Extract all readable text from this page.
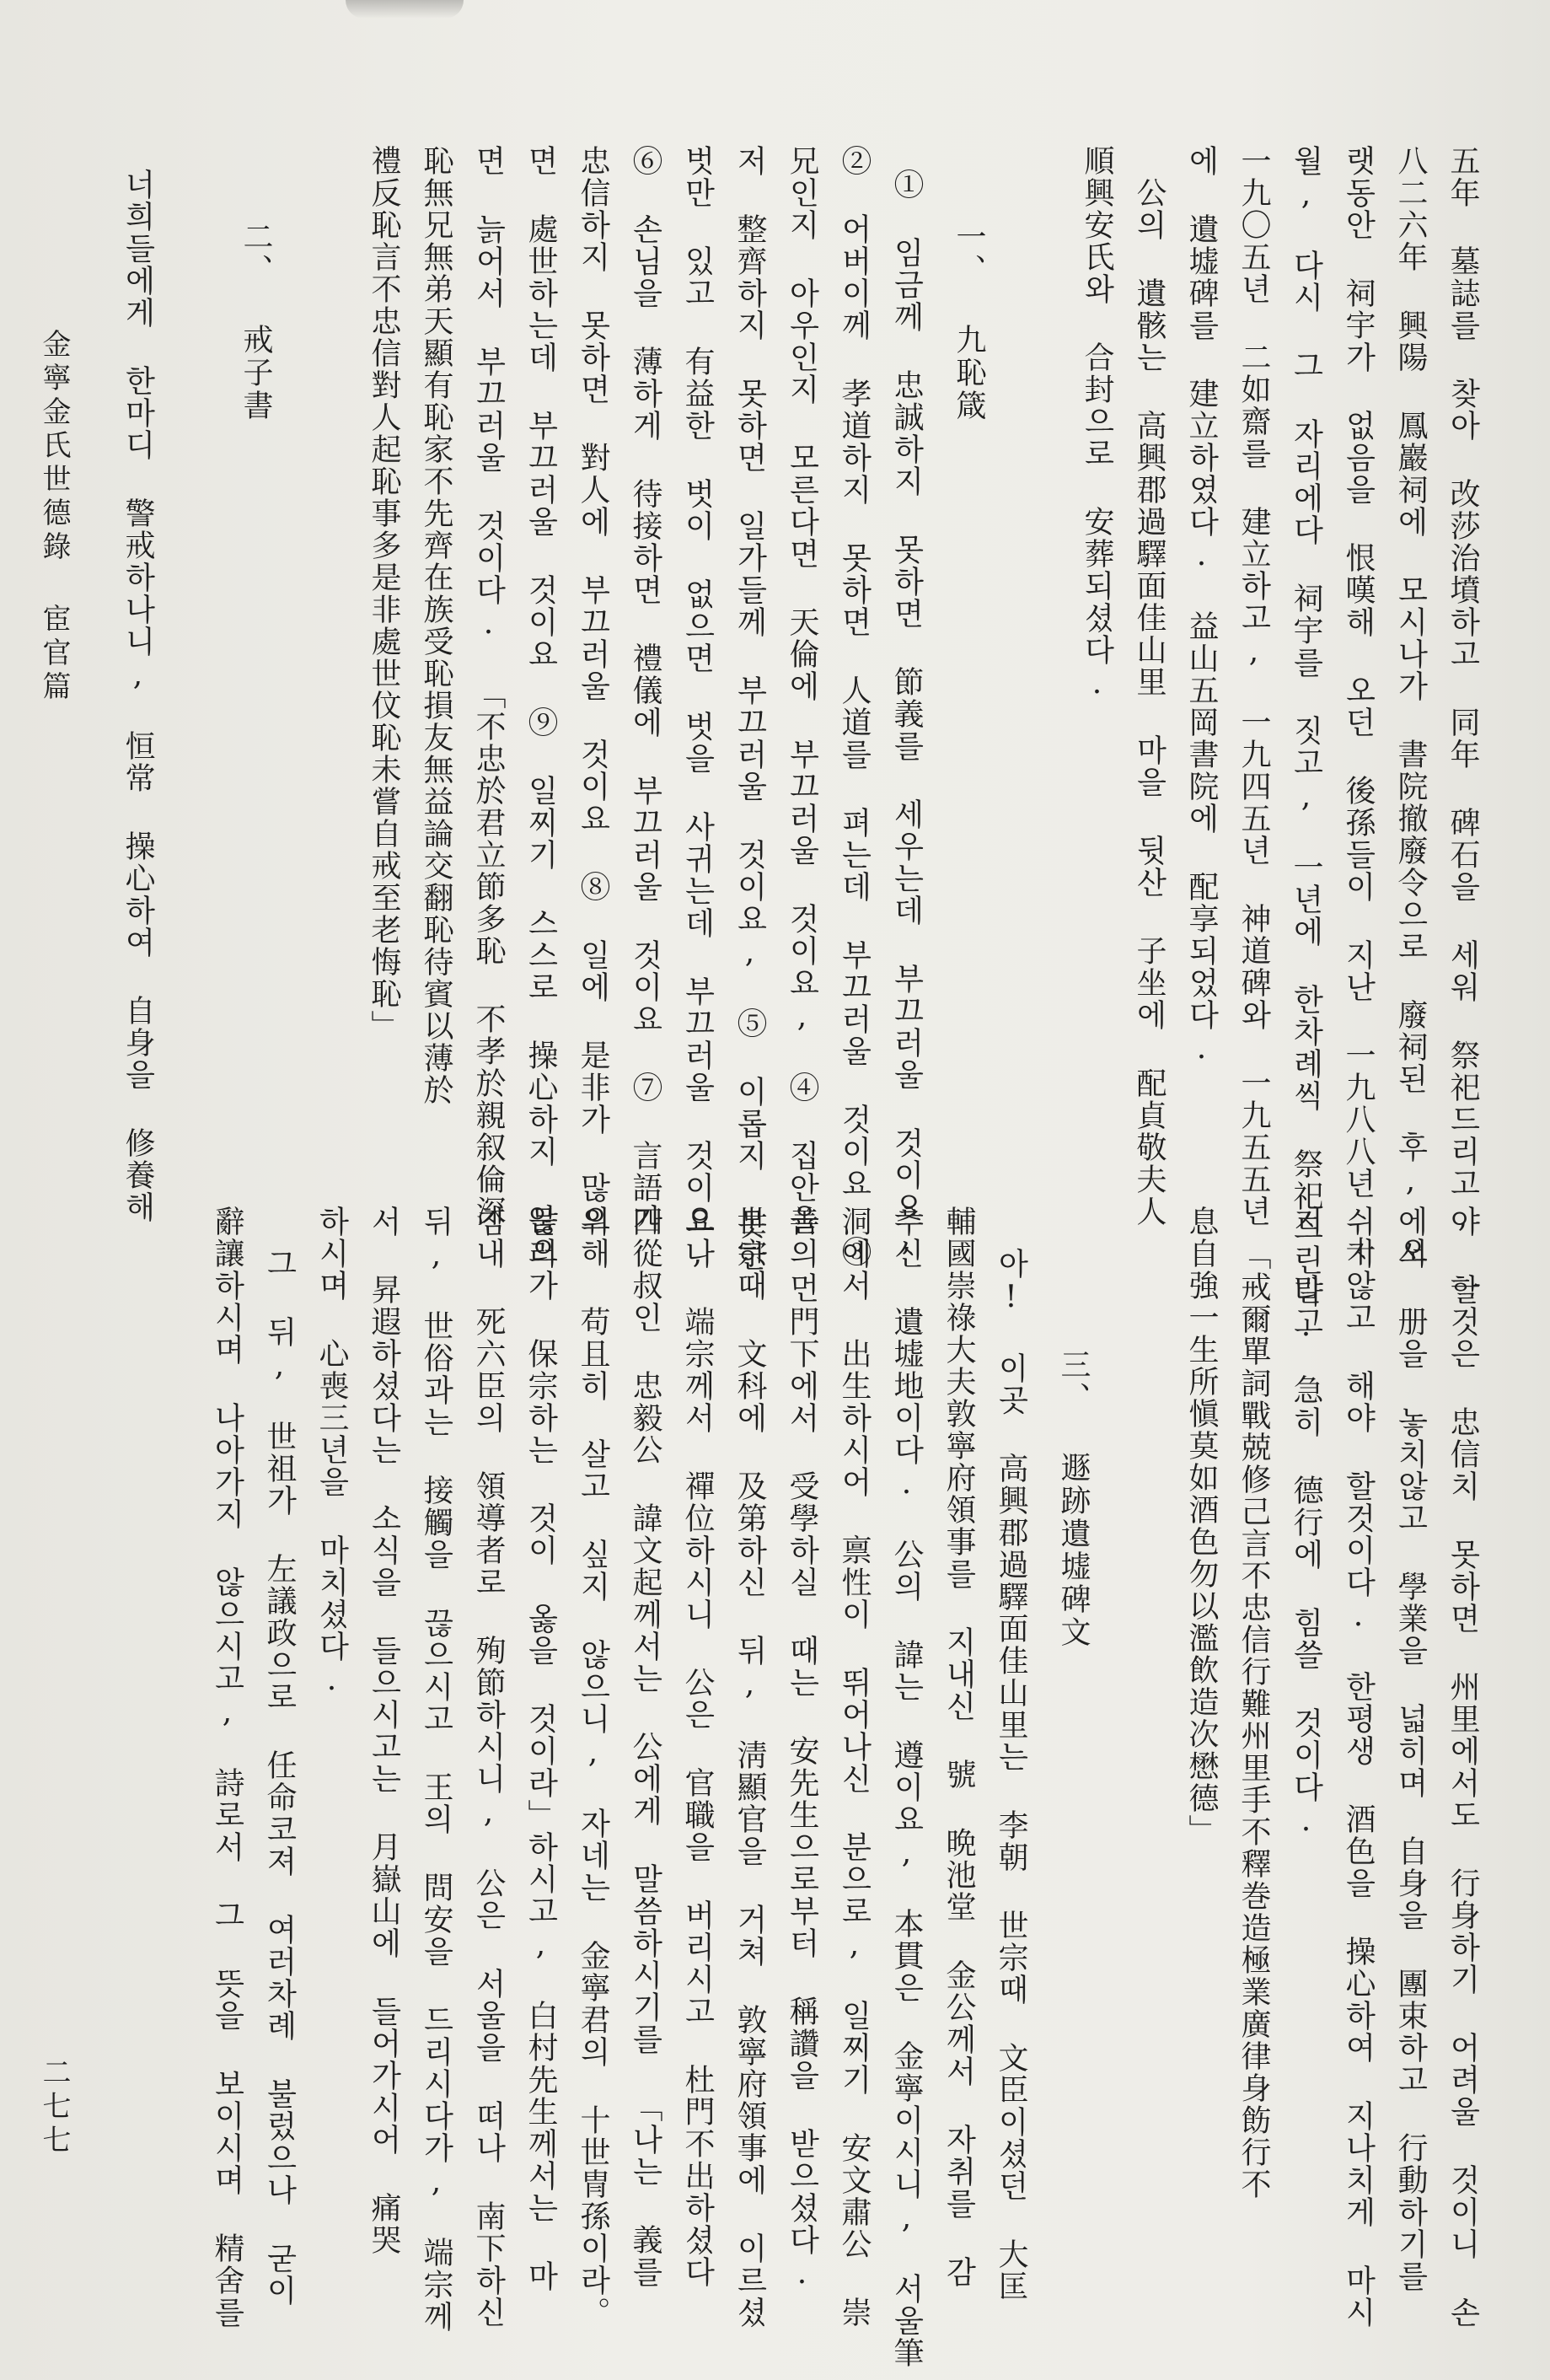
五年 墓誌를 찾아 改莎治墳하고 同年 碑石을 세워 祭祀드리고, 一
八二六年 興陽 鳳巖祠에 모시나가 書院撤廢令으로 廢祠된 후, 오
랫동안 祠宇가 없음을 恨嘆해 오던 後孫들이 지난 一九八八년 十
월, 다시 그 자리에다 祠宇를 짓고, 一년에 한차례씩 祭祀드린다.
一九〇五년 二如齋를 建立하고, 一九四五년 神道碑와 一九五五년
에 遺墟碑를 建立하였다. 益山五岡書院에 配享되었다.
公의 遺骸는 高興郡過驛面佳山里 마을 뒷산 子坐에 配貞敬夫人
順興安氏와 合封으로 安葬되셨다.
一、 九恥箴
① 임금께 忠誠하지 못하면 節義를 세우는데 부끄러울 것이요,
② 어버이께 孝道하지 못하면 人道를 펴는데 부끄러울 것이요 ③
兄인지 아우인지 모른다면 天倫에 부끄러울 것이요, ④ 집안을 먼
저 整齊하지 못하면 일가들께 부끄러울 것이요, ⑤ 이롭지 못한
벗만 있고 有益한 벗이 없으면 벗을 사귀는데 부끄러울 것이요,
⑥ 손님을 薄하게 待接하면 禮儀에 부끄러울 것이요 ⑦ 言語가
忠信하지 못하면 對人에 부끄러울 것이요 ⑧ 일에 是非가 많으
면 處世하는데 부끄러울 것이요 ⑨ 일찌기 스스로 操心하지 않으
면 늙어서 부끄러울 것이다. 「不忠於君立節多恥 不孝於親叙倫深
恥無兄無弟天顯有恥家不先齊在族受恥損友無益論交翻恥待賓以薄於
禮反恥言不忠信對人起恥事多是非處世伩恥未嘗自戒至老悔恥」
二、 戒子書
너희들에게 한마디 警戒하나니, 恒常 操心하여 自身을 修養해
야 할것은 忠信치 못하면 州里에서도 行身하기 어려울 것이니 손
에서 册을 놓치않고 學業을 넓히며 自身을 團束하고 行動하기를
쉬지않고 해야 할것이다. 한평생 酒色을 操心하여 지나치게 마시
지 말고 急히 德行에 힘쓸 것이다.
「戒爾單詞戰兢修己言不忠信行難州里手不釋巻造極業廣律身飭行不
息自強一生所愼莫如酒色勿以濫飲造次懋德」
三、 遯跡遺墟碑文
아! 이곳 高興郡過驛面佳山里는 李朝 世宗때 文臣이셨던 大匡
輔國崇祿大夫敦寧府領事를 지내신 號 晩池堂 金公께서 자취를 감
추신 遺墟地이다. 公의 諱는 遵이요, 本貫은 金寧이시니, 서울筆
洞에서 出生하시어 禀性이 뛰어나신 분으로, 일찌기 安文肅公 崇
善의 門下에서 受學하실 때는 安先生으로부터 稱讚을 받으셨다.
世宗때 文科에 及第하신 뒤, 淸顯官을 거쳐 敦寧府領事에 이르셨
으나 端宗께서 禪位하시니 公은 官職을 버리시고 杜門不出하셨다
四從叔인 忠毅公 諱文起께서는 公에게 말씀하시기를 「나는 義를
위해 苟且히 살고 싶지 않으니, 자네는 金寧君의 十世冑孫이라。
물러가 保宗하는 것이 옳을 것이라」하시고, 白村先生께서는 마
침내 死六臣의 領導者로 殉節하시니, 公은 서울을 떠나 南下하신
뒤, 世俗과는 接觸을 끊으시고 王의 問安을 드리시다가, 端宗께
서 昇遐하셨다는 소식을 들으시고는 月嶽山에 들어가시어 痛哭
하시며 心喪三년을 마치셨다.
그 뒤, 世祖가 左議政으로 任命코져 여러차례 불렀으나 굳이
辭讓하시며 나아가지 않으시고, 詩로서 그 뜻을 보이시며 精舍를
金寧金氏世德錄 宦官篇
二七七
